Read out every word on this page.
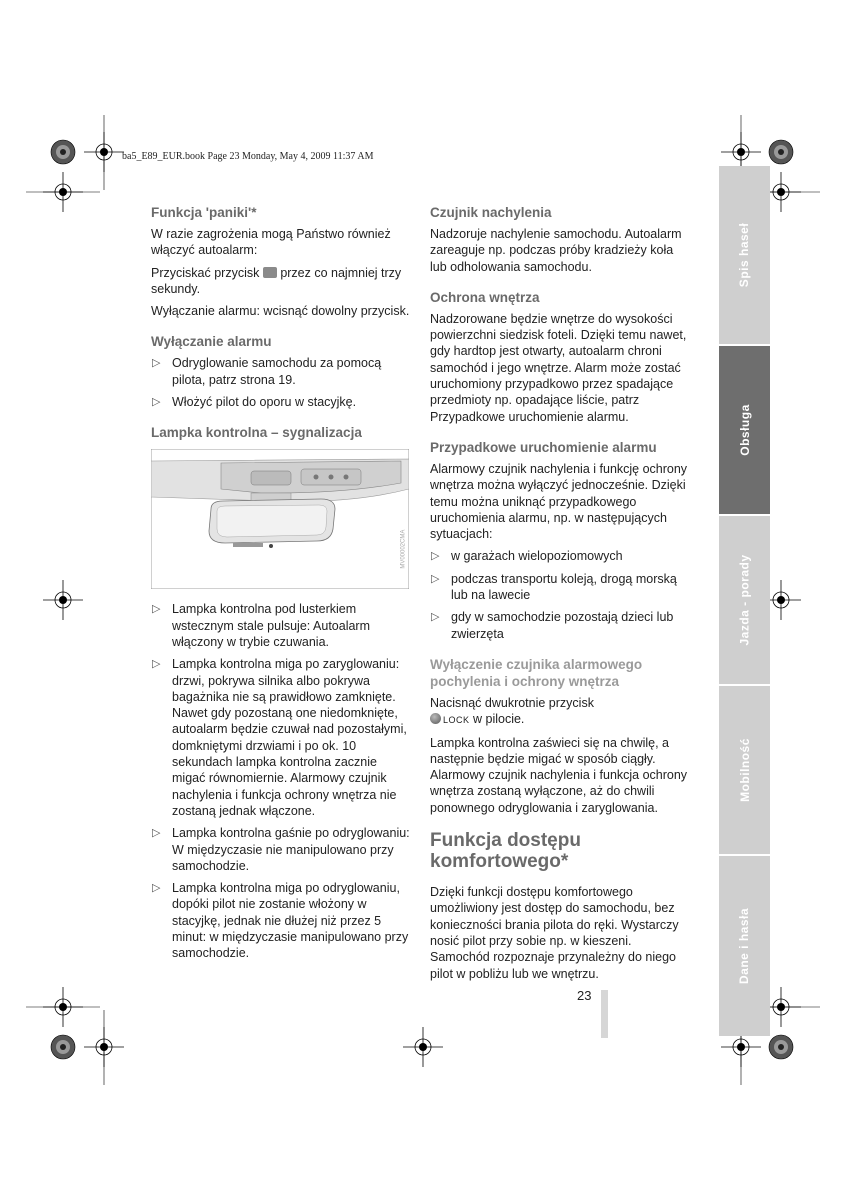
ba5_E89_EUR.book Page 23 Monday, May 4, 2009 11:37 AM
Funkcja 'paniki'*

W razie zagrożenia mogą Państwo również włączyć autoalarm:

Przyciskać przycisk przez co najmniej trzy sekundy.

Wyłączanie alarmu: wcisnąć dowolny przycisk.

Wyłączanie alarmu
▷ Odryglowanie samochodu za pomocą pilota, patrz strona 19.
▷ Włożyć pilot do oporu w stacyjkę.
Lampka kontrolna – sygnalizacja
MV00002CMA
▷ Lampka kontrolna pod lusterkiem wstecznym stale pulsuje: Autoalarm włączony w trybie czuwania.
▷ Lampka kontrolna miga po zaryglowaniu: drzwi, pokrywa silnika albo pokrywa bagażnika nie są prawidłowo zamknięte. Nawet gdy pozostaną one niedomknięte, autoalarm będzie czuwał nad pozostałymi, domkniętymi drzwiami i po ok. 10 sekundach lampka kontrolna zacznie migać równomiernie. Alarmowy czujnik nachylenia i funkcja ochrony wnętrza nie zostaną jednak włączone.
▷ Lampka kontrolna gaśnie po odryglowaniu: W międzyczasie nie manipulowano przy samochodzie.
▷ Lampka kontrolna miga po odryglowaniu, dopóki pilot nie zostanie włożony w stacyjkę, jednak nie dłużej niż przez 5 minut: w międzyczasie manipulowano przy samochodzie.
Czujnik nachylenia

Nadzoruje nachylenie samochodu. Autoalarm zareaguje np. podczas próby kradzieży koła lub odholowania samochodu.

Ochrona wnętrza

Nadzorowane będzie wnętrze do wysokości powierzchni siedzisk foteli. Dzięki temu nawet, gdy hardtop jest otwarty, autoalarm chroni samochód i jego wnętrze. Alarm może zostać uruchomiony przypadkowo przez spadające przedmioty np. opadające liście, patrz Przypadkowe uruchomienie alarmu.

Przypadkowe uruchomienie alarmu

Alarmowy czujnik nachylenia i funkcję ochrony wnętrza można wyłączyć jednocześnie. Dzięki temu można uniknąć przypadkowego uruchomienia alarmu, np. w następujących sytuacjach:

▷ w garażach wielopoziomowych
▷ podczas transportu koleją, drogą morską lub na lawecie
▷ gdy w samochodzie pozostają dzieci lub zwierzęta
Wyłączenie czujnika alarmowego pochylenia i ochrony wnętrza

Nacisnąć dwukrotnie przycisk
LOCK w pilocie.

Lampka kontrolna zaświeci się na chwilę, a następnie będzie migać w sposób ciągły. Alarmowy czujnik nachylenia i funkcja ochrony wnętrza zostaną wyłączone, aż do chwili ponownego odryglowania i zaryglowania.

Funkcja dostępu komfortowego*

Dzięki funkcji dostępu komfortowego umożliwiony jest dostęp do samochodu, bez konieczności brania pilota do ręki. Wystarczy nosić pilot przy sobie np. w kieszeni. Samochód rozpoznaje przynależny do niego pilot w pobliżu lub we wnętrzu.

Spis haseł
Obsługa
Jazda - porady
Mobilność
Dane i hasła
23
